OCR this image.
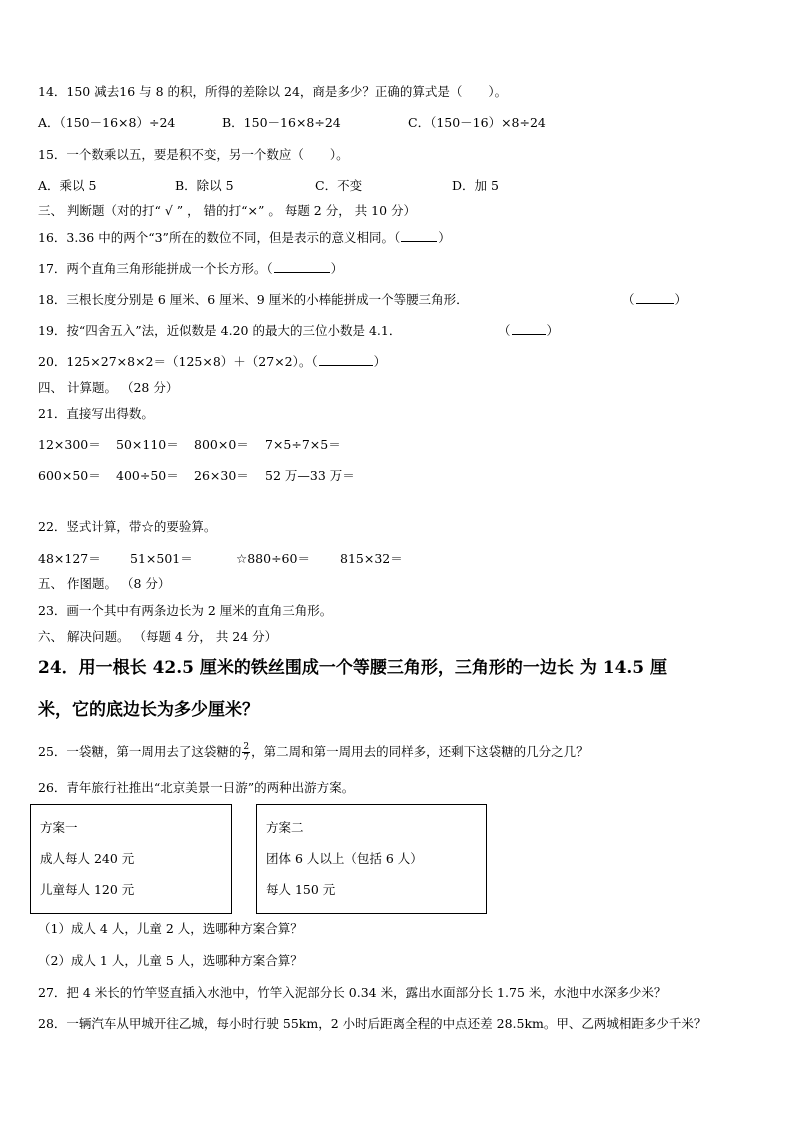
14．150 减去16 与 8 的积，所得的差除以 24，商是多少？正确的算式是（ ）。
A．（150－16×8）÷24	B．150－16×8÷24	C．（150－16）×8÷24
15．一个数乘以五，要是积不变，另一个数应（ ）。
A．乘以 5	B．除以 5	C．不变	D．加 5
三、 判断题（对的打“ √ ” ， 错的打“×” 。 每题 2 分， 共 10 分）
16．3.36 中的两个“3”所在的数位不同，但是表示的意义相同。（	）
17．两个直角三角形能拼成一个长方形。（	）
18．三根长度分别是 6 厘米、6 厘米、9 厘米的小棒能拼成一个等腰三角形．	（	）
19．按“四舍五入”法，近似数是 4.20 的最大的三位小数是 4.1．	（	）
20．125×27×8×2＝（125×8）＋（27×2）。（	）
四、 计算题。 （28 分）
21．直接写出得数。
12×300＝ 50×110＝ 800×0＝ 7×5÷7×5＝
600×50＝ 400÷50＝ 26×30＝ 52 万—33 万＝
22．竖式计算，带☆的要验算。
48×127＝ 51×501＝	☆880÷60＝ 815×32＝
五、 作图题。 （8 分）
23．画一个其中有两条边长为 2 厘米的直角三角形。
六、 解决问题。 （每题 4 分， 共 24 分）
24．用一根长 42.5 厘米的铁丝围成一个等腰三角形，三角形的一边长 为 14.5 厘
米，它的底边长为多少厘米？
25．一袋糖，第一周用去了这袋糖的 $\frac{2}{7}$ ，第二周和第一周用去的同样多，还剩下这袋糖的几分之几？
26．青年旅行社推出“北京美景一日游”的两种出游方案。
方案一
成人每人 240 元
儿童每人 120 元
方案二
团体 6 人以上（包括 6 人）
每人 150 元
（1）成人 4 人，儿童 2 人，选哪种方案合算？
（2）成人 1 人，儿童 5 人，选哪种方案合算？
27．把 4 米长的竹竿竖直插入水池中，竹竿入泥部分长 0.34 米，露出水面部分长 1.75 米，水池中水深多少米？
28．一辆汽车从甲城开往乙城，每小时行驶 55km，2 小时后距离全程的中点还差 28.5km。甲、乙两城相距多少千米？
